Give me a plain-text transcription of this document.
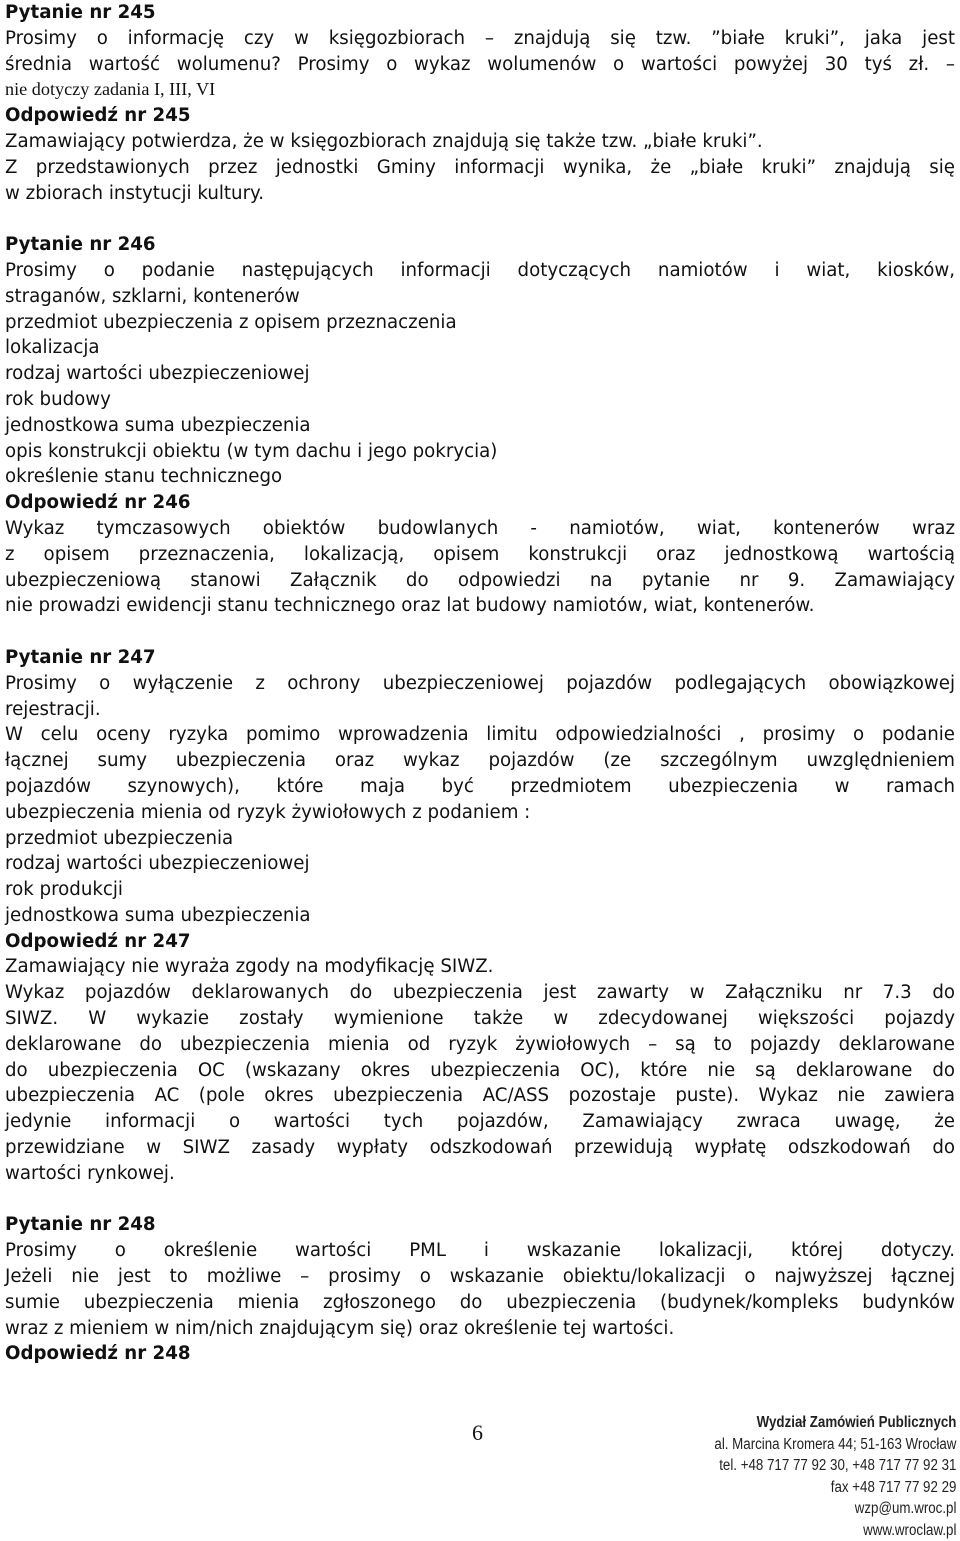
Pytanie nr 245
Prosimy o informację czy w księgozbiorach – znajdują się tzw. ”białe kruki”, jaka jest
średnia wartość wolumenu? Prosimy o wykaz wolumenów o wartości powyżej 30 tyś zł. –
nie dotyczy zadania I, III, VI
Odpowiedź nr 245
Zamawiający potwierdza, że w księgozbiorach znajdują się także tzw. „białe kruki”.
Z przedstawionych przez jednostki Gminy informacji wynika, że „białe kruki” znajdują się
w zbiorach instytucji kultury.
Pytanie nr 246
Prosimy o podanie następujących informacji dotyczących namiotów i wiat, kiosków,
straganów, szklarni, kontenerów
przedmiot ubezpieczenia z opisem przeznaczenia
lokalizacja
rodzaj wartości ubezpieczeniowej
rok budowy
jednostkowa suma ubezpieczenia
opis konstrukcji obiektu (w tym dachu i jego pokrycia)
określenie stanu technicznego
Odpowiedź nr 246
Wykaz tymczasowych obiektów budowlanych - namiotów, wiat, kontenerów wraz
z opisem przeznaczenia, lokalizacją, opisem konstrukcji oraz jednostkową wartością
ubezpieczeniową stanowi Załącznik do odpowiedzi na pytanie nr 9. Zamawiający
nie prowadzi ewidencji stanu technicznego oraz lat budowy namiotów, wiat, kontenerów.
Pytanie nr 247
Prosimy o wyłączenie z ochrony ubezpieczeniowej pojazdów podlegających obowiązkowej
rejestracji.
W celu oceny ryzyka pomimo wprowadzenia limitu odpowiedzialności , prosimy o podanie
łącznej sumy ubezpieczenia oraz wykaz pojazdów (ze szczególnym uwzględnieniem
pojazdów szynowych), które maja być przedmiotem ubezpieczenia w ramach
ubezpieczenia mienia od ryzyk żywiołowych z podaniem :
przedmiot ubezpieczenia
rodzaj wartości ubezpieczeniowej
rok produkcji
jednostkowa suma ubezpieczenia
Odpowiedź nr 247
Zamawiający nie wyraża zgody na modyfikację SIWZ.
Wykaz pojazdów deklarowanych do ubezpieczenia jest zawarty w Załączniku nr 7.3 do
SIWZ. W wykazie zostały wymienione także w zdecydowanej większości pojazdy
deklarowane do ubezpieczenia mienia od ryzyk żywiołowych – są to pojazdy deklarowane
do ubezpieczenia OC (wskazany okres ubezpieczenia OC), które nie są deklarowane do
ubezpieczenia AC (pole okres ubezpieczenia AC/ASS pozostaje puste). Wykaz nie zawiera
jedynie informacji o wartości tych pojazdów, Zamawiający zwraca uwagę, że
przewidziane w SIWZ zasady wypłaty odszkodowań przewidują wypłatę odszkodowań do
wartości rynkowej.
Pytanie nr 248
Prosimy o określenie wartości PML i wskazanie lokalizacji, której dotyczy.
Jeżeli nie jest to możliwe – prosimy o wskazanie obiektu/lokalizacji o najwyższej łącznej
sumie ubezpieczenia mienia zgłoszonego do ubezpieczenia (budynek/kompleks budynków
wraz z mieniem w nim/nich znajdującym się) oraz określenie tej wartości.
Odpowiedź nr 248
6	Wydział Zamówień Publicznych
al. Marcina Kromera 44; 51-163 Wrocław
tel. +48 717 77 92 30, +48 717 77 92 31
fax +48 717 77 92 29
wzp@um.wroc.pl
www.wroclaw.pl
